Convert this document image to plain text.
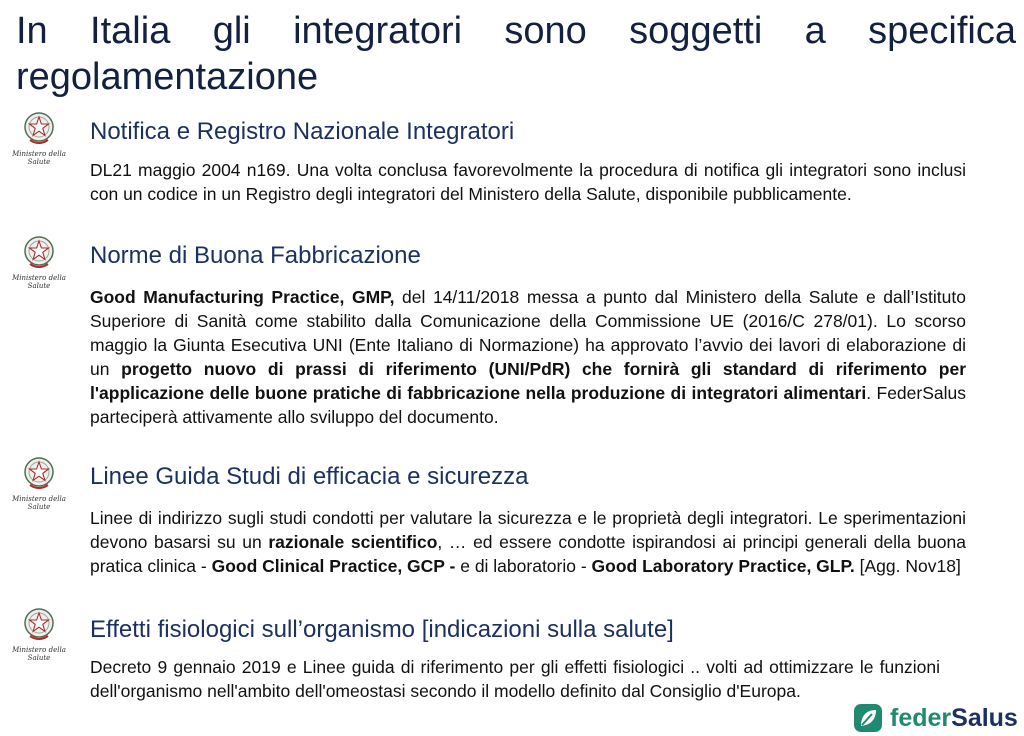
In Italia gli integratori sono soggetti a specifica regolamentazione
Ministero della Salute
Notifica e Registro Nazionale Integratori

DL21 maggio 2004 n169. Una volta conclusa favorevolmente la procedura di notifica gli integratori sono inclusi con un codice in un Registro degli integratori del Ministero della Salute, disponibile pubblicamente.

Ministero della Salute
Norme di Buona Fabbricazione

Good Manufacturing Practice, GMP, del 14/11/2018 messa a punto dal Ministero della Salute e dall’Istituto Superiore di Sanità come stabilito dalla Comunicazione della Commissione UE (2016/C 278/01). Lo scorso maggio la Giunta Esecutiva UNI (Ente Italiano di Normazione) ha approvato l’avvio dei lavori di elaborazione di un progetto nuovo di prassi di riferimento (UNI/PdR) che fornirà gli standard di riferimento per l'applicazione delle buone pratiche di fabbricazione nella produzione di integratori alimentari. FederSalus parteciperà attivamente allo sviluppo del documento.

Ministero della Salute
Linee Guida Studi di efficacia e sicurezza

Linee di indirizzo sugli studi condotti per valutare la sicurezza e le proprietà degli integratori. Le sperimentazioni devono basarsi su un razionale scientifico, … ed essere condotte ispirandosi ai principi generali della buona pratica clinica - Good Clinical Practice, GCP - e di laboratorio - Good Laboratory Practice, GLP. [Agg. Nov18]

Ministero della Salute
Effetti fisiologici sull’organismo [indicazioni sulla salute]

Decreto 9 gennaio 2019 e Linee guida di riferimento per gli effetti fisiologici .. volti ad ottimizzare le funzioni dell'organismo nell'ambito dell'omeostasi secondo il modello definito dal Consiglio d'Europa.

federSalus
